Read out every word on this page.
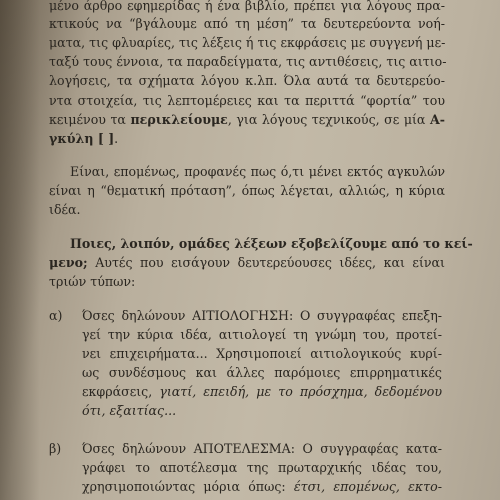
μένο άρθρο εφημερίδας ή ένα βιβλίο, πρέπει για λόγους πρα-
κτικούς να “βγάλουμε από τη μέση” τα δευτερεύοντα νοή-
ματα, τις φλυαρίες, τις λέξεις ή τις εκφράσεις με συγγενή με-
ταξύ τους έννοια, τα παραδείγματα, τις αντιθέσεις, τις αιτιο-
λογήσεις, τα σχήματα λόγου κ.λπ. Όλα αυτά τα δευτερεύο-
ντα στοιχεία, τις λεπτομέρειες και τα περιττά “φορτία” του
κειμένου τα περικλείουμε, για λόγους τεχνικούς, σε μία Α-
γκύλη [ ].
Είναι, επομένως, προφανές πως ό,τι μένει εκτός αγκυλών
είναι η “θεματική πρόταση”, όπως λέγεται, αλλιώς, η κύρια
ιδέα.
Ποιες, λοιπόν, ομάδες λέξεων εξοβελίζουμε από το κεί-
μενο; Αυτές που εισάγουν δευτερεύουσες ιδέες, και είναι
τριών τύπων:
α) Όσες δηλώνουν ΑΙΤΙΟΛΟΓΗΣΗ: Ο συγγραφέας επεξη-
γεί την κύρια ιδέα, αιτιολογεί τη γνώμη του, προτεί-
νει επιχειρήματα... Χρησιμοποιεί αιτιολογικούς κυρί-
ως συνδέσμους και άλλες παρόμοιες επιρρηματικές
εκφράσεις, γιατί, επειδή, με το πρόσχημα, δεδομένου
ότι, εξαιτίας...
β) Όσες δηλώνουν ΑΠΟΤΕΛΕΣΜΑ: Ο συγγραφέας κατα-
γράφει το αποτέλεσμα της πρωταρχικής ιδέας του,
χρησιμοποιώντας μόρια όπως: έτσι, επομένως, εκτο-
